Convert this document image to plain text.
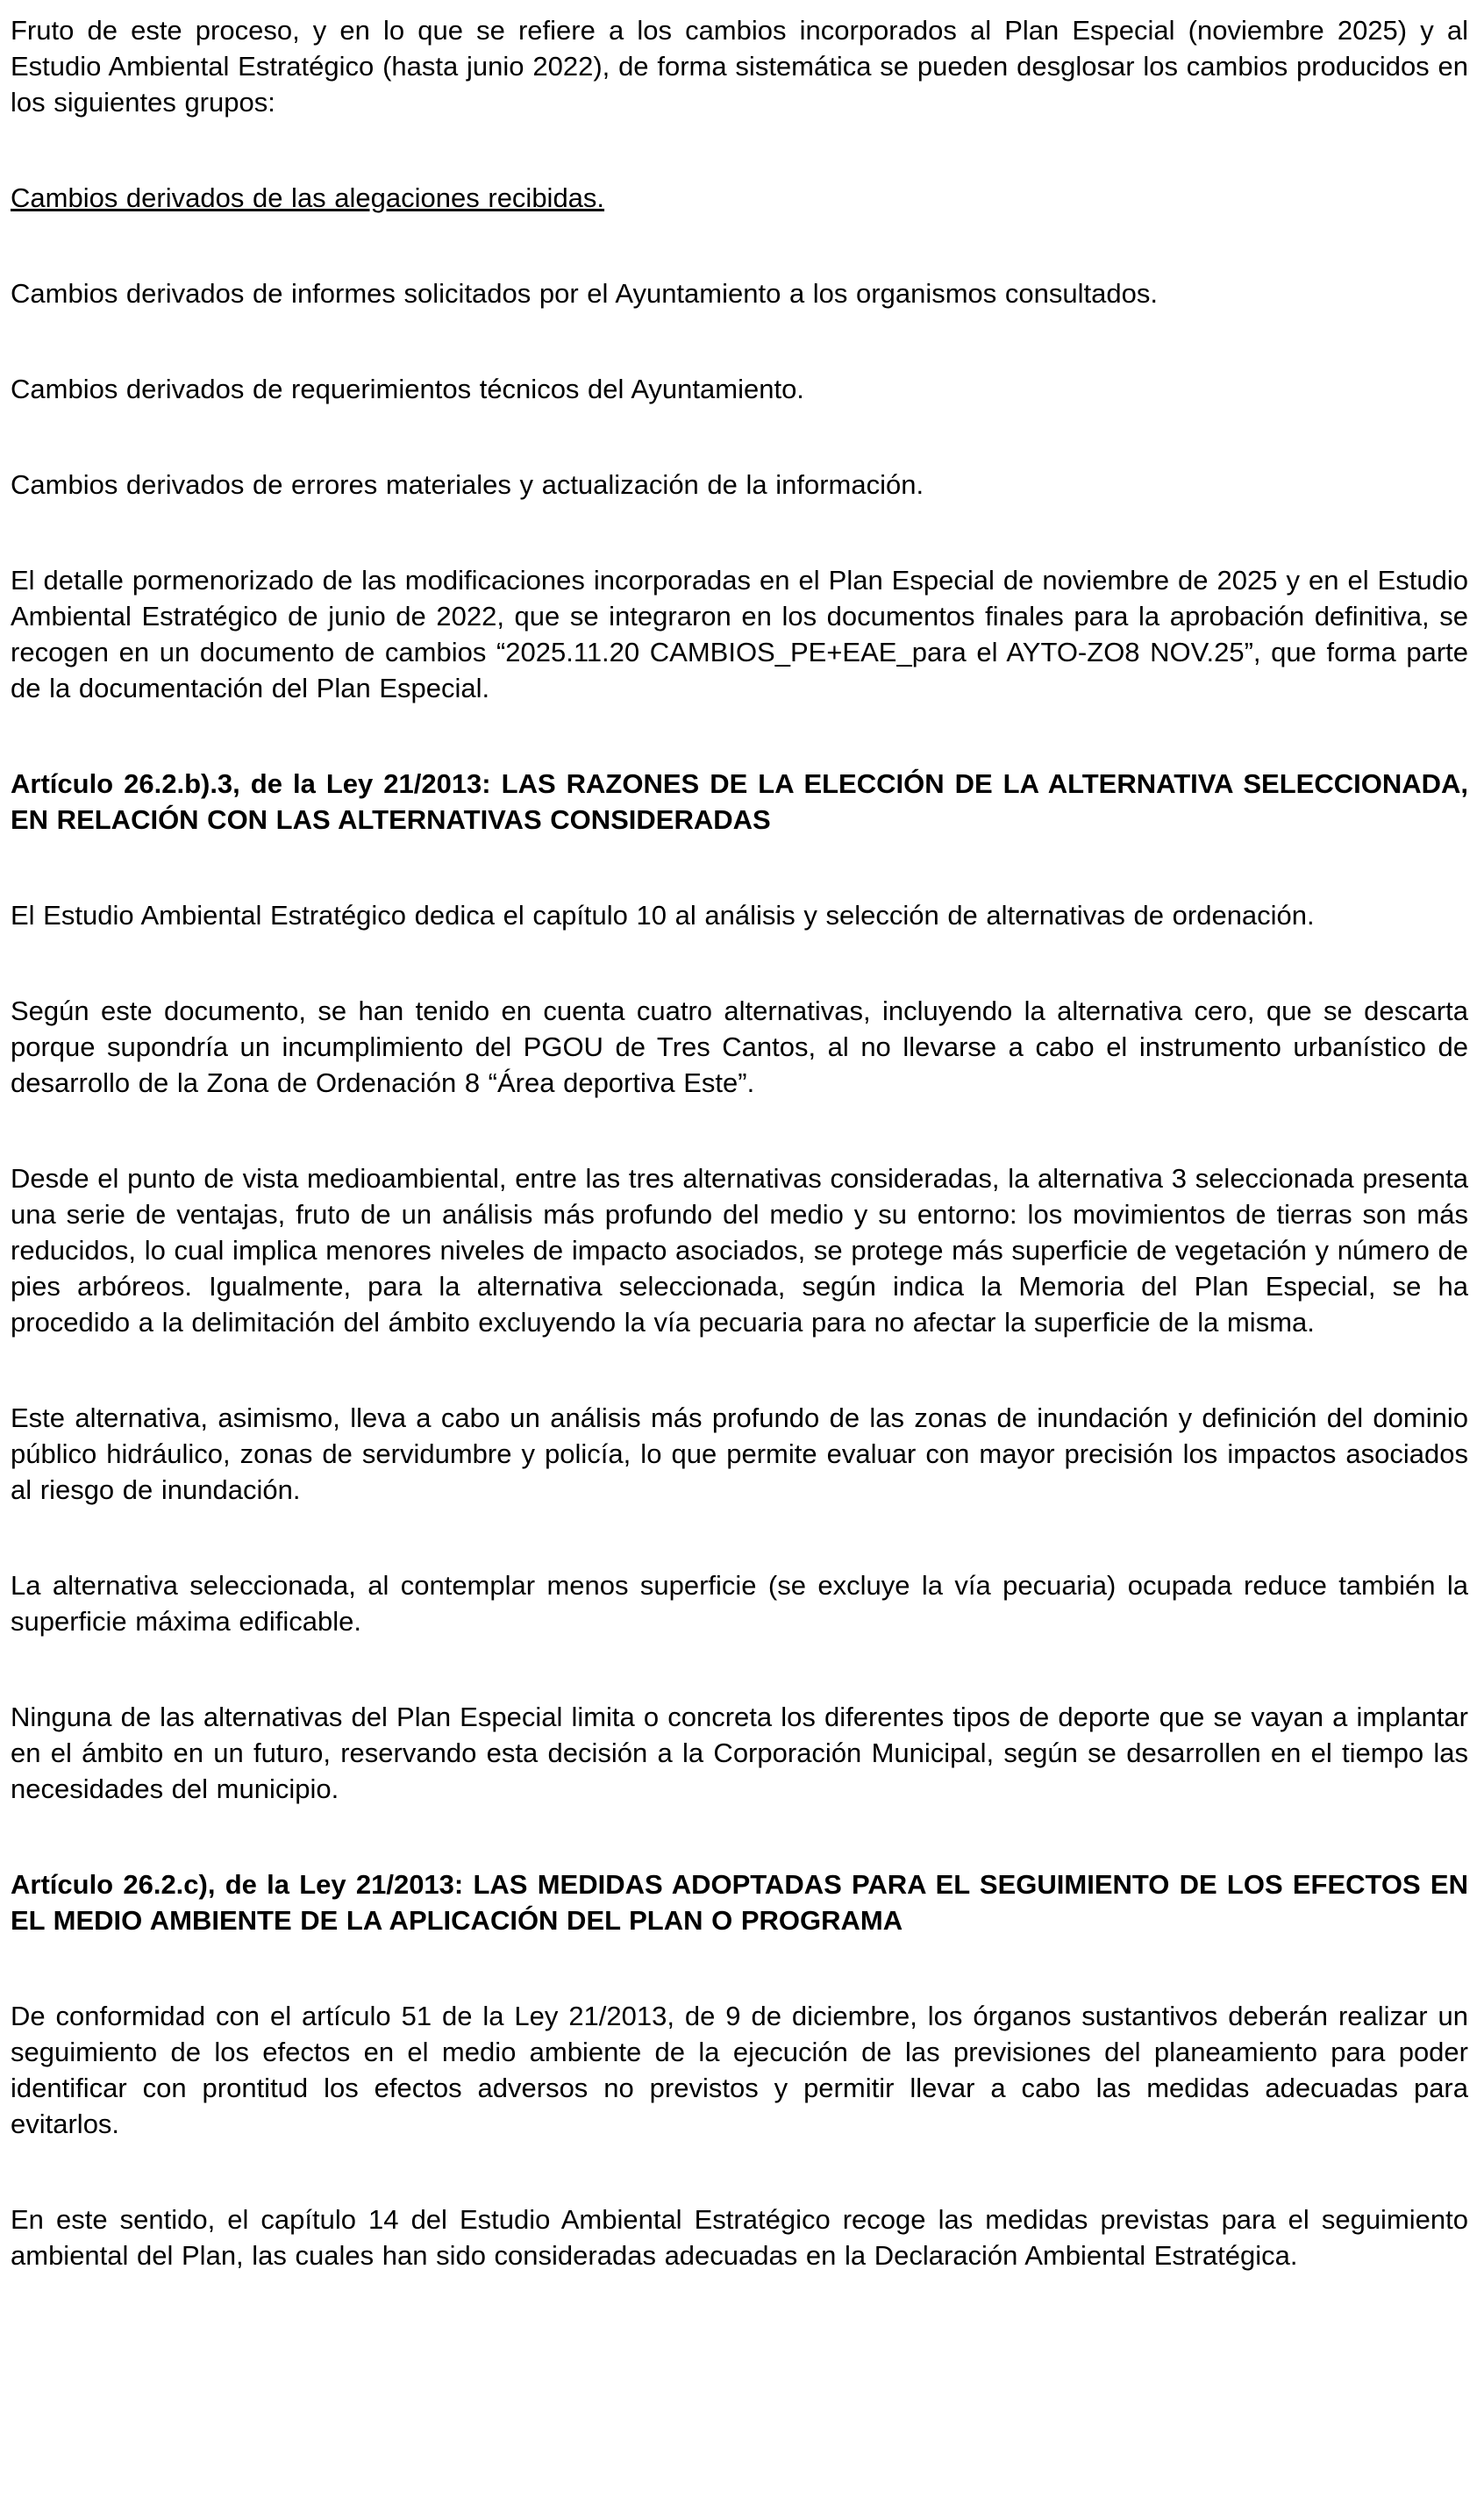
Fruto de este proceso, y en lo que se refiere a los cambios incorporados al Plan Especial (noviembre 2025) y al Estudio Ambiental Estratégico (hasta junio 2022), de forma sistemática se pueden desglosar los cambios producidos en los siguientes grupos:

Cambios derivados de las alegaciones recibidas.

Cambios derivados de informes solicitados por el Ayuntamiento a los organismos consultados.

Cambios derivados de requerimientos técnicos del Ayuntamiento.

Cambios derivados de errores materiales y actualización de la información.

El detalle pormenorizado de las modificaciones incorporadas en el Plan Especial de noviembre de 2025 y en el Estudio Ambiental Estratégico de junio de 2022, que se integraron en los documentos finales para la aprobación definitiva, se recogen en un documento de cambios “2025.11.20 CAMBIOS_PE+EAE_para el AYTO-ZO8 NOV.25”, que forma parte de la documentación del Plan Especial.

Artículo 26.2.b).3, de la Ley 21/2013: LAS RAZONES DE LA ELECCIÓN DE LA ALTERNATIVA SELECCIONADA, EN RELACIÓN CON LAS ALTERNATIVAS CONSIDERADAS

El Estudio Ambiental Estratégico dedica el capítulo 10 al análisis y selección de alternativas de ordenación.

Según este documento, se han tenido en cuenta cuatro alternativas, incluyendo la alternativa cero, que se descarta porque supondría un incumplimiento del PGOU de Tres Cantos, al no llevarse a cabo el instrumento urbanístico de desarrollo de la Zona de Ordenación 8 “Área deportiva Este”.

Desde el punto de vista medioambiental, entre las tres alternativas consideradas, la alternativa 3 seleccionada presenta una serie de ventajas, fruto de un análisis más profundo del medio y su entorno: los movimientos de tierras son más reducidos, lo cual implica menores niveles de impacto asociados, se protege más superficie de vegetación y número de pies arbóreos. Igualmente, para la alternativa seleccionada, según indica la Memoria del Plan Especial, se ha procedido a la delimitación del ámbito excluyendo la vía pecuaria para no afectar la superficie de la misma.

Este alternativa, asimismo, lleva a cabo un análisis más profundo de las zonas de inundación y definición del dominio público hidráulico, zonas de servidumbre y policía, lo que permite evaluar con mayor precisión los impactos asociados al riesgo de inundación.

La alternativa seleccionada, al contemplar menos superficie (se excluye la vía pecuaria) ocupada reduce también la superficie máxima edificable.

Ninguna de las alternativas del Plan Especial limita o concreta los diferentes tipos de deporte que se vayan a implantar en el ámbito en un futuro, reservando esta decisión a la Corporación Municipal, según se desarrollen en el tiempo las necesidades del municipio.

Artículo 26.2.c), de la Ley 21/2013: LAS MEDIDAS ADOPTADAS PARA EL SEGUIMIENTO DE LOS EFECTOS EN EL MEDIO AMBIENTE DE LA APLICACIÓN DEL PLAN O PROGRAMA

De conformidad con el artículo 51 de la Ley 21/2013, de 9 de diciembre, los órganos sustantivos deberán realizar un seguimiento de los efectos en el medio ambiente de la ejecución de las previsiones del planeamiento para poder identificar con prontitud los efectos adversos no previstos y permitir llevar a cabo las medidas adecuadas para evitarlos.

En este sentido, el capítulo 14 del Estudio Ambiental Estratégico recoge las medidas previstas para el seguimiento ambiental del Plan, las cuales han sido consideradas adecuadas en la Declaración Ambiental Estratégica.
